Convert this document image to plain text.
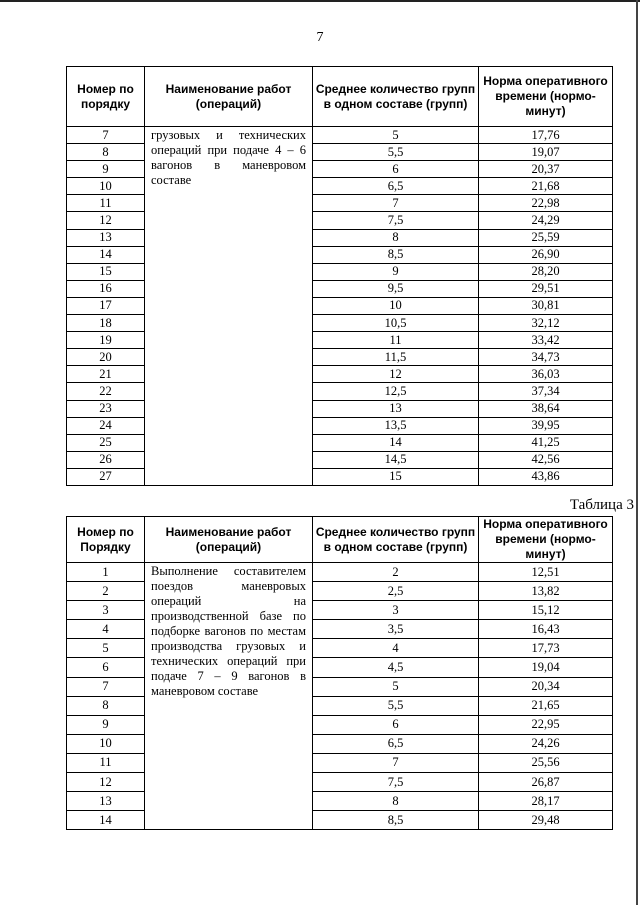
7
Номер по порядку	Наименование работ (операций)	Среднее количество групп в одном составе (групп)	Норма оперативного времени (нормо-минут)
7	грузовых и технических операций при подаче 4 – 6 вагонов в маневровом составе	5	17,76
8		5,5	19,07
9		6	20,37
10		6,5	21,68
11		7	22,98
12		7,5	24,29
13		8	25,59
14		8,5	26,90
15		9	28,20
16		9,5	29,51
17		10	30,81
18		10,5	32,12
19		11	33,42
20		11,5	34,73
21		12	36,03
22		12,5	37,34
23		13	38,64
24		13,5	39,95
25		14	41,25
26		14,5	42,56
27		15	43,86
Таблица 3
Номер по Порядку	Наименование работ (операций)	Среднее количество групп в одном составе (групп)	Норма оперативного времени (нормо-минут)
1	Выполнение составителем поездов маневровых операций на производственной базе по подборке вагонов по местам производства грузовых и технических операций при подаче 7 – 9 вагонов в маневровом составе	2	12,51
2		2,5	13,82
3		3	15,12
4		3,5	16,43
5		4	17,73
6		4,5	19,04
7		5	20,34
8		5,5	21,65
9		6	22,95
10		6,5	24,26
11		7	25,56
12		7,5	26,87
13		8	28,17
14		8,5	29,48
